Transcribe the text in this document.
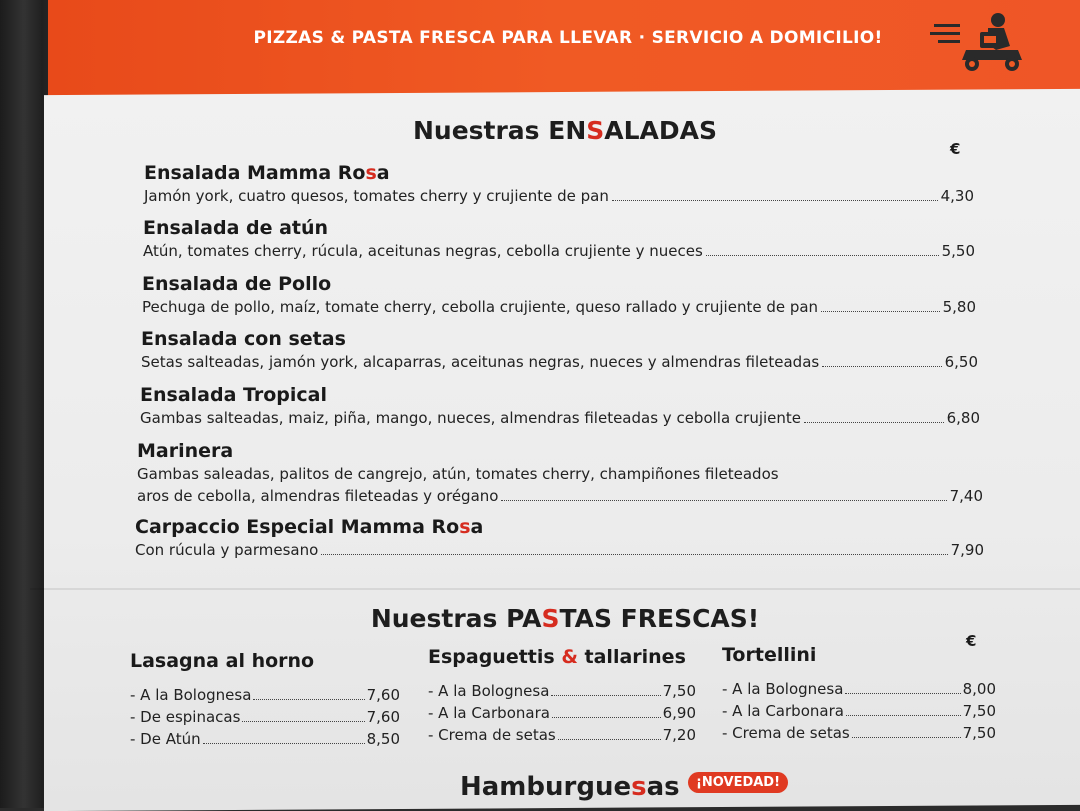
PIZZAS & PASTA FRESCA PARA LLEVAR · SERVICIO A DOMICILIO!
Nuestras ENSALADAS
€
Ensalada Mamma Rosa
Jamón york, cuatro quesos, tomates cherry y crujiente de pan	4,30
Ensalada de atún
Atún, tomates cherry, rúcula, aceitunas negras, cebolla crujiente y nueces	5,50
Ensalada de Pollo
Pechuga de pollo, maíz, tomate cherry, cebolla crujiente, queso rallado y crujiente de pan	5,80
Ensalada con setas
Setas salteadas, jamón york, alcaparras, aceitunas negras, nueces y almendras fileteadas	6,50
Ensalada Tropical
Gambas salteadas, maiz, piña, mango, nueces, almendras fileteadas y cebolla crujiente	6,80
Marinera
Gambas saleadas, palitos de cangrejo, atún, tomates cherry, champiñones fileteados
aros de cebolla, almendras fileteadas y orégano	7,40
Carpaccio Especial Mamma Rosa
Con rúcula y parmesano	7,90
Nuestras PASTAS FRESCAS!
€
Lasagna al horno
- A la Bolognesa	7,60
- De espinacas	7,60
- De Atún	8,50
Espaguettis & tallarines
- A la Bolognesa	7,50
- A la Carbonara	6,90
- Crema de setas	7,20
Tortellini
- A la Bolognesa	8,00
- A la Carbonara	7,50
- Crema de setas	7,50
Hamburguesas	¡NOVEDAD!
